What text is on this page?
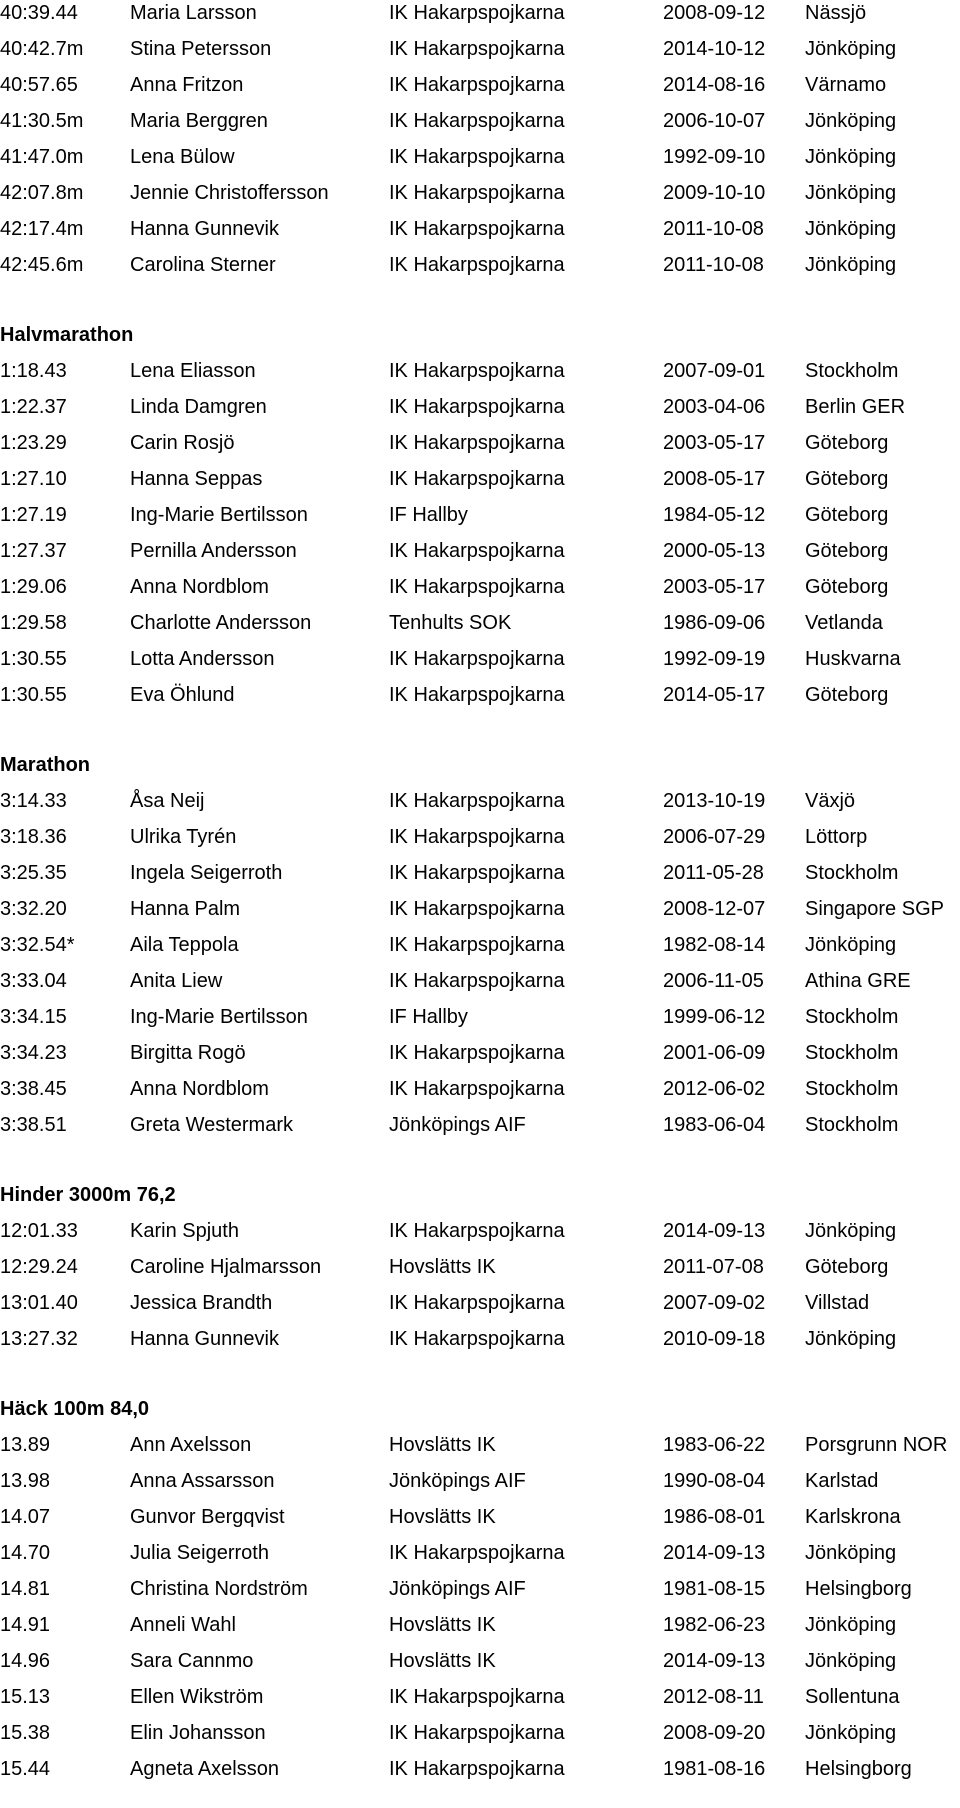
40:39.44	Maria Larsson	IK Hakarpspojkarna	2008-09-12 Nässjö
40:42.7m Stina Petersson	IK Hakarpspojkarna	2014-10-12 Jönköping
40:57.65	Anna Fritzon	IK Hakarpspojkarna	2014-08-16 Värnamo
41:30.5m Maria Berggren	IK Hakarpspojkarna	2006-10-07 Jönköping
41:47.0m Lena Bülow	IK Hakarpspojkarna	1992-09-10 Jönköping
42:07.8m Jennie Christoffersson	IK Hakarpspojkarna	2009-10-10 Jönköping
42:17.4m Hanna Gunnevik	IK Hakarpspojkarna	2011-10-08 Jönköping
42:45.6m Carolina Sterner	IK Hakarpspojkarna	2011-10-08 Jönköping
Halvmarathon
1:18.43	Lena Eliasson	IK Hakarpspojkarna	2007-09-01 Stockholm
1:22.37	Linda Damgren	IK Hakarpspojkarna	2003-04-06 Berlin GER
1:23.29	Carin Rosjö	IK Hakarpspojkarna	2003-05-17 Göteborg
1:27.10	Hanna Seppas	IK Hakarpspojkarna	2008-05-17 Göteborg
1:27.19	Ing-Marie Bertilsson	IF Hallby	1984-05-12 Göteborg
1:27.37	Pernilla Andersson	IK Hakarpspojkarna	2000-05-13 Göteborg
1:29.06	Anna Nordblom	IK Hakarpspojkarna	2003-05-17 Göteborg
1:29.58	Charlotte Andersson	Tenhults SOK	1986-09-06 Vetlanda
1:30.55	Lotta Andersson	IK Hakarpspojkarna	1992-09-19 Huskvarna
1:30.55	Eva Öhlund	IK Hakarpspojkarna	2014-05-17 Göteborg
Marathon
3:14.33	Åsa Neij	IK Hakarpspojkarna	2013-10-19 Växjö
3:18.36	Ulrika Tyrén	IK Hakarpspojkarna	2006-07-29 Löttorp
3:25.35	Ingela Seigerroth	IK Hakarpspojkarna	2011-05-28 Stockholm
3:32.20	Hanna Palm	IK Hakarpspojkarna	2008-12-07 Singapore SGP
3:32.54*	Aila Teppola	IK Hakarpspojkarna	1982-08-14 Jönköping
3:33.04	Anita Liew	IK Hakarpspojkarna	2006-11-05 Athina GRE
3:34.15	Ing-Marie Bertilsson	IF Hallby	1999-06-12 Stockholm
3:34.23	Birgitta Rogö	IK Hakarpspojkarna	2001-06-09 Stockholm
3:38.45	Anna Nordblom	IK Hakarpspojkarna	2012-06-02 Stockholm
3:38.51	Greta Westermark	Jönköpings AIF	1983-06-04 Stockholm
Hinder 3000m 76,2
12:01.33	Karin Spjuth	IK Hakarpspojkarna	2014-09-13 Jönköping
12:29.24	Caroline Hjalmarsson	Hovslätts IK	2011-07-08 Göteborg
13:01.40	Jessica Brandth	IK Hakarpspojkarna	2007-09-02 Villstad
13:27.32	Hanna Gunnevik	IK Hakarpspojkarna	2010-09-18 Jönköping
Häck 100m 84,0
13.89	Ann Axelsson	Hovslätts IK	1983-06-22 Porsgrunn NOR
13.98	Anna Assarsson	Jönköpings AIF	1990-08-04 Karlstad
14.07	Gunvor Bergqvist	Hovslätts IK	1986-08-01 Karlskrona
14.70	Julia Seigerroth	IK Hakarpspojkarna	2014-09-13 Jönköping
14.81	Christina Nordström	Jönköpings AIF	1981-08-15 Helsingborg
14.91	Anneli Wahl	Hovslätts IK	1982-06-23 Jönköping
14.96	Sara Cannmo	Hovslätts IK	2014-09-13 Jönköping
15.13	Ellen Wikström	IK Hakarpspojkarna	2012-08-11 Sollentuna
15.38	Elin Johansson	IK Hakarpspojkarna	2008-09-20 Jönköping
15.44	Agneta Axelsson	IK Hakarpspojkarna	1981-08-16 Helsingborg
